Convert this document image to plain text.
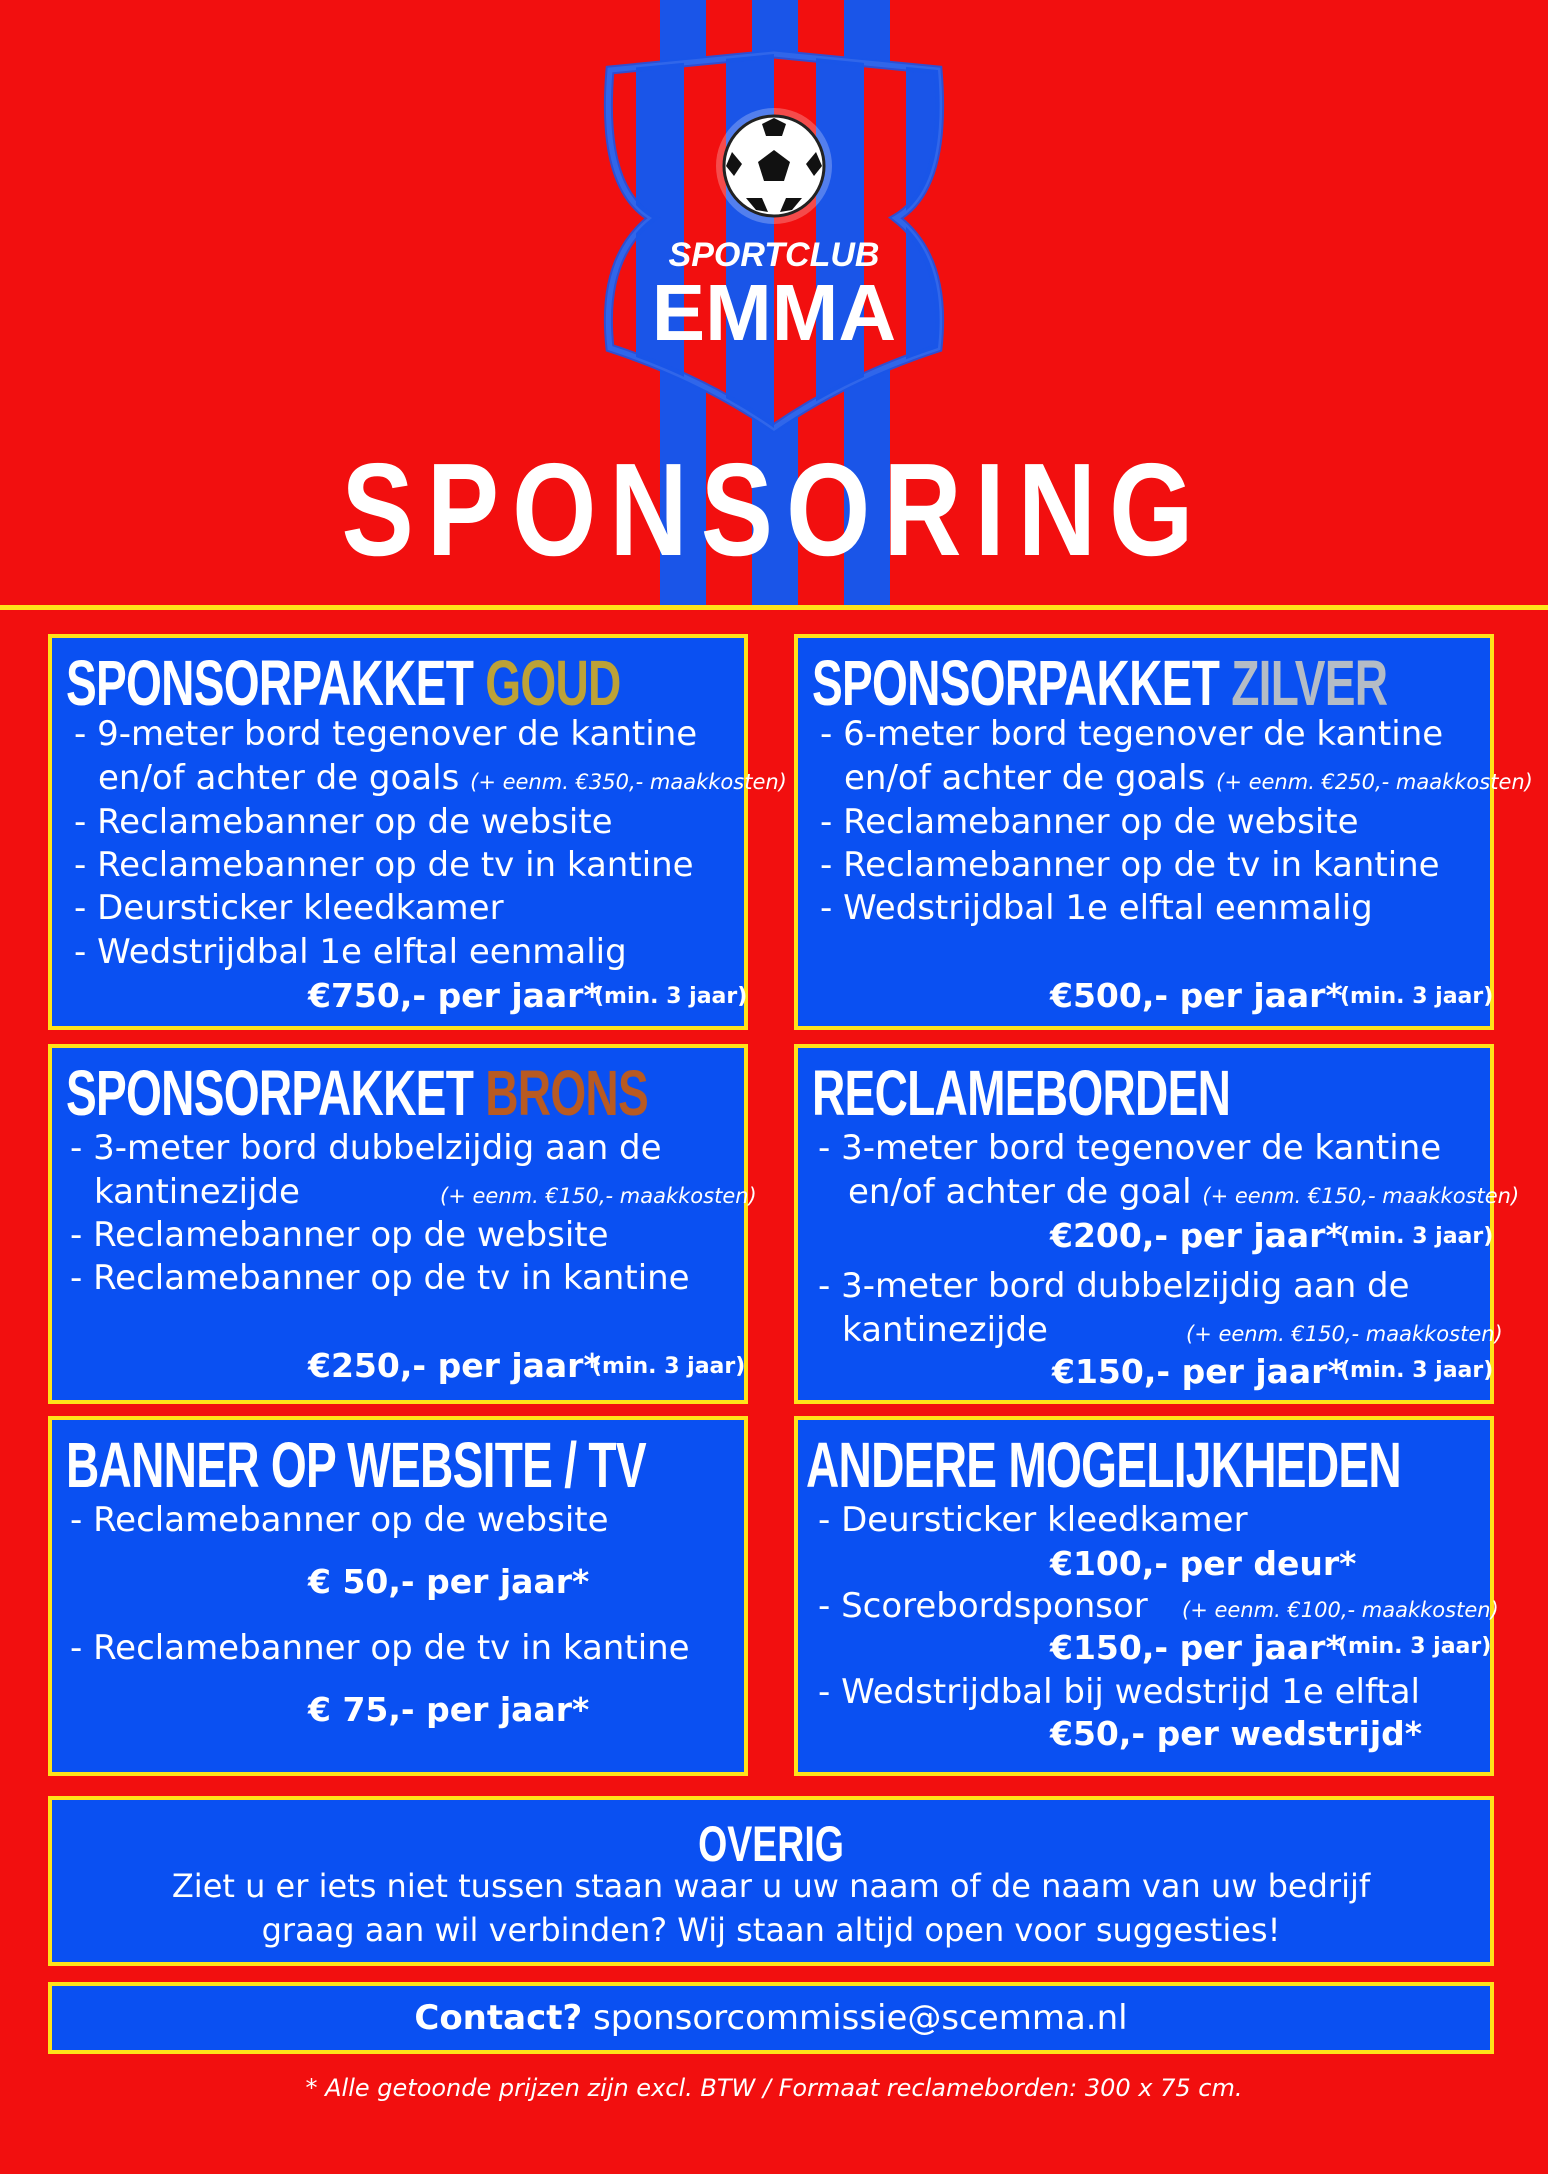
SPORTCLUB
EMMA
SPONSORING
SPONSORPAKKET GOUD
- 9-meter bord tegenover de kantine
en/of achter de goals (+ eenm. €350,- maakkosten)
- Reclamebanner op de website
- Reclamebanner op de tv in kantine
- Deursticker kleedkamer
- Wedstrijdbal 1e elftal eenmalig
€750,- per jaar*
(min. 3 jaar)
SPONSORPAKKET ZILVER
- 6-meter bord tegenover de kantine
en/of achter de goals (+ eenm. €250,- maakkosten)
- Reclamebanner op de website
- Reclamebanner op de tv in kantine
- Wedstrijdbal 1e elftal eenmalig
€500,- per jaar*
(min. 3 jaar)
SPONSORPAKKET BRONS
- 3-meter bord dubbelzijdig aan de
kantinezijde	(+ eenm. €150,- maakkosten)
- Reclamebanner op de website
- Reclamebanner op de tv in kantine
€250,- per jaar*
(min. 3 jaar)
RECLAMEBORDEN
- 3-meter bord tegenover de kantine
en/of achter de goal (+ eenm. €150,- maakkosten)
€200,- per jaar*
(min. 3 jaar)
- 3-meter bord dubbelzijdig aan de
kantinezijde	(+ eenm. €150,- maakkosten)
€150,- per jaar*
(min. 3 jaar)
BANNER OP WEBSITE / TV
- Reclamebanner op de website
€ 50,- per jaar*
- Reclamebanner op de tv in kantine
€ 75,- per jaar*
ANDERE MOGELIJKHEDEN
- Deursticker kleedkamer
€100,- per deur*
- Scorebordsponsor (+ eenm. €100,- maakkosten)
€150,- per jaar*
(min. 3 jaar)
- Wedstrijdbal bij wedstrijd 1e elftal
€50,- per wedstrijd*
OVERIG
Ziet u er iets niet tussen staan waar u uw naam of de naam van uw bedrijf
graag aan wil verbinden? Wij staan altijd open voor suggesties!
Contact? sponsorcommissie@scemma.nl
* Alle getoonde prijzen zijn excl. BTW / Formaat reclameborden: 300 x 75 cm.
